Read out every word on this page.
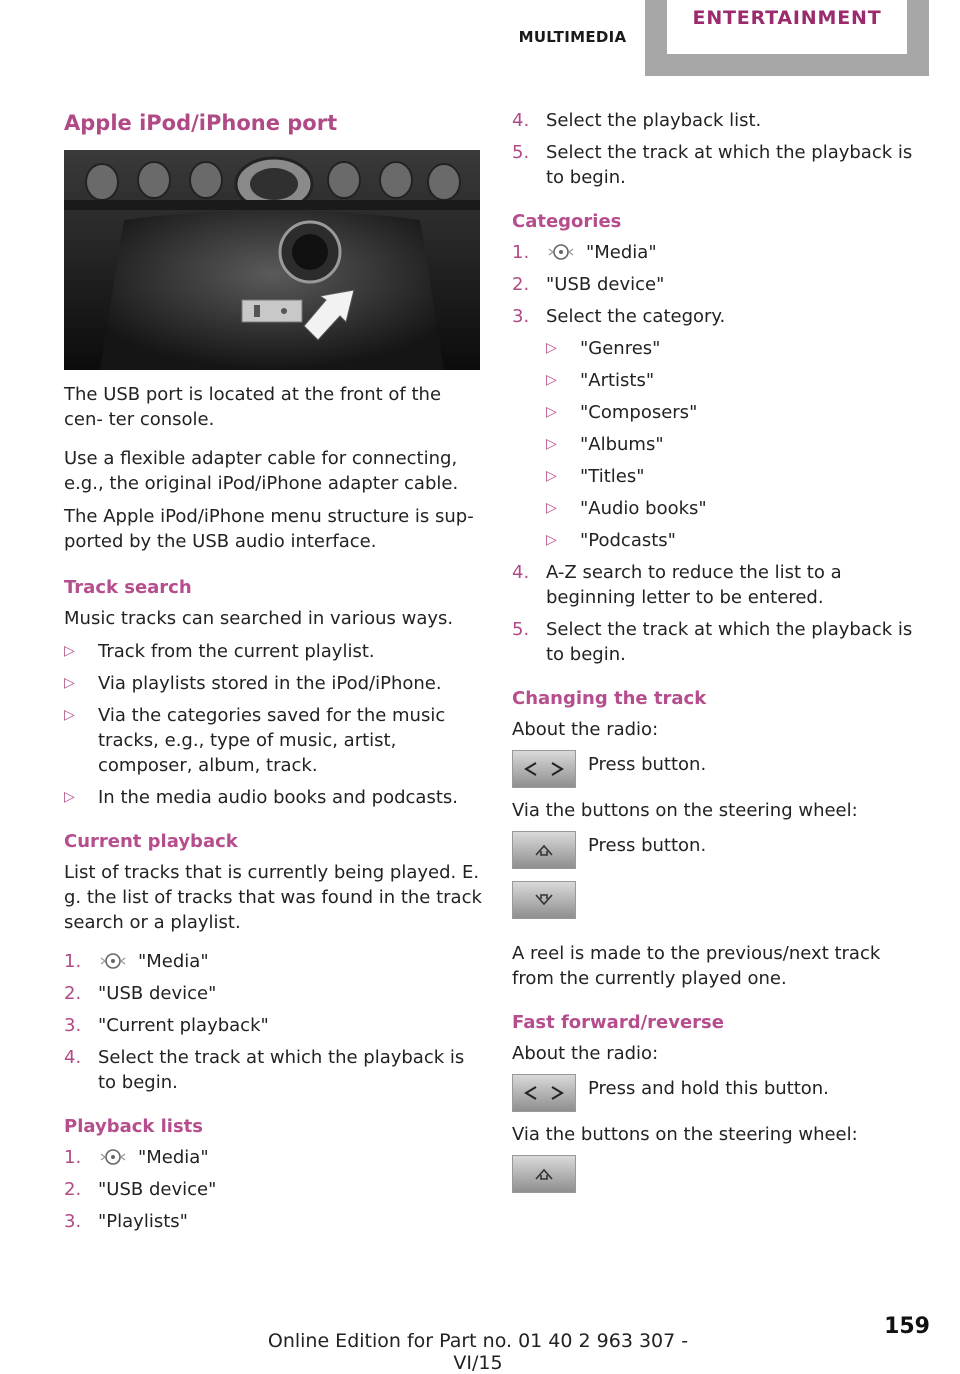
MULTIMEDIA
ENTERTAINMENT
Apple iPod/iPhone port

The USB port is located at the front of the cen‐ ter console.

Use a flexible adapter cable for connecting, e.g., the original iPod/iPhone adapter cable.

The Apple iPod/iPhone menu structure is sup‐ ported by the USB audio interface.

Track search

Music tracks can searched in various ways.

▷ Track from the current playlist.
▷ Via playlists stored in the iPod/iPhone.
▷ Via the categories saved for the music tracks, e.g., type of music, artist, composer, album, track.
▷ In the media audio books and podcasts.
Current playback

List of tracks that is currently being played. E. g. the list of tracks that was found in the track search or a playlist.

1.	"Media"
2. "USB device"
3. "Current playback"
4. Select the track at which the playback is to begin.
Playback lists
1.	"Media"
2. "USB device"
3. "Playlists"
4. Select the playback list.
5. Select the track at which the playback is to begin.
Categories
1.	"Media"
2. "USB device"
3. Select the category.
▷ "Genres"
▷ "Artists"
▷ "Composers"
▷ "Albums"
▷ "Titles"
▷ "Audio books"
▷ "Podcasts"
4. A-Z search to reduce the list to a beginning letter to be entered.
5. Select the track at which the playback is to begin.
Changing the track

About the radio:

Press button.

Via the buttons on the steering wheel:

Press button.

A reel is made to the previous/next track from the currently played one.

Fast forward/reverse

About the radio:

Press and hold this button.

Via the buttons on the steering wheel:

159
Online Edition for Part no. 01 40 2 963 307 - VI/15
